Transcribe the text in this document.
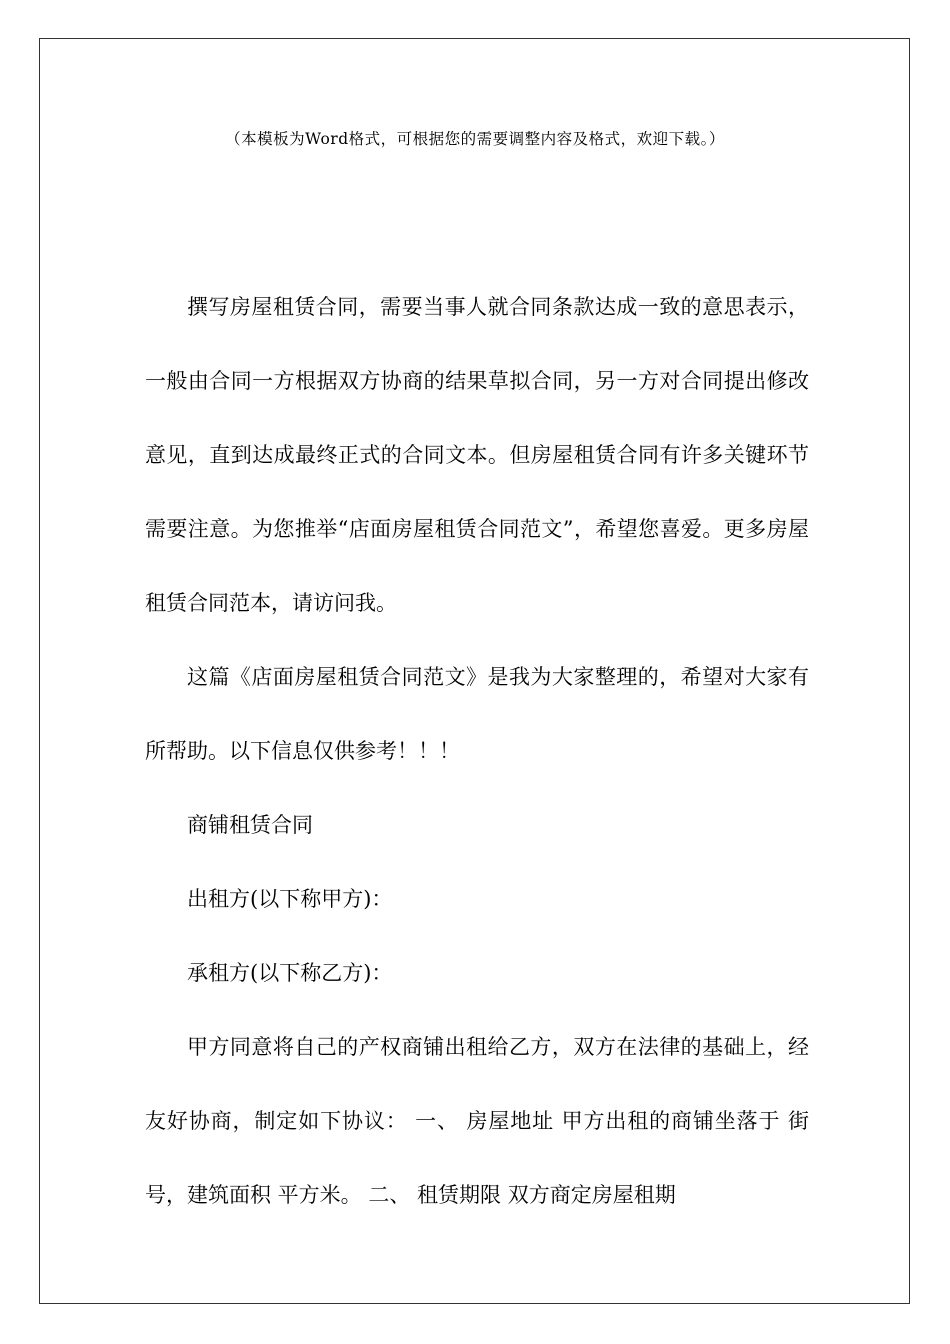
（本模板为Word格式，可根据您的需要调整内容及格式，欢迎下载。）

撰写房屋租赁合同，需要当事人就合同条款达成一致的意思表示，一般由合同一方根据双方协商的结果草拟合同，另一方对合同提出修改意见，直到达成最终正式的合同文本。但房屋租赁合同有许多关键环节需要注意。为您推举“店面房屋租赁合同范文”，希望您喜爱。更多房屋租赁合同范本，请访问我。

这篇《店面房屋租赁合同范文》是我为大家整理的，希望对大家有所帮助。以下信息仅供参考！！！

商铺租赁合同

出租方(以下称甲方)：

承租方(以下称乙方)：

甲方同意将自己的产权商铺出租给乙方，双方在法律的基础上，经友好协商，制定如下协议： 一、 房屋地址 甲方出租的商铺坐落于 街 号，建筑面积 平方米。 二、 租赁期限 双方商定房屋租期
